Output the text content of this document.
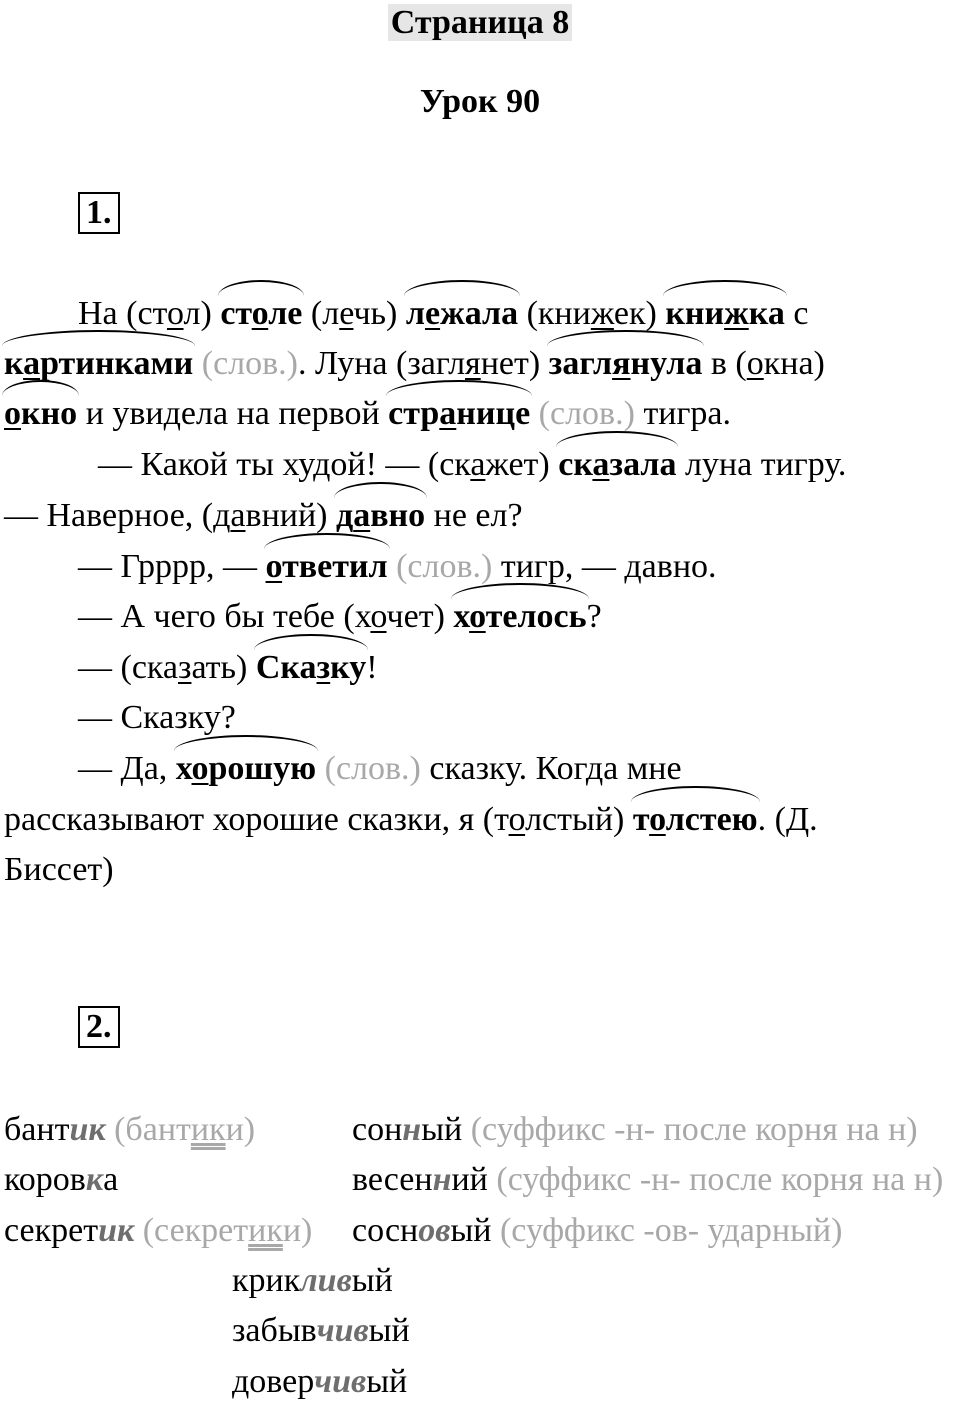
Страница 8
Урок 90
1.
На (стол) столе (лечь) лежала (книжек) книжка с
картинками (слов.). Луна (заглянет) заглянула в (окна)
окно и увидела на первой странице (слов.) тигра.
— Какой ты худой! — (скажет) сказала луна тигру.
— Наверное, (давний) давно не ел?
— Грррр, — ответил (слов.) тигр, — давно.
— А чего бы тебе (хочет) хотелось?
— (сказать) Сказку!
— Сказку?
— Да, хорошую (слов.) сказку. Когда мне
рассказывают хорошие сказки, я (толстый) толстею. (Д.
Биссет)
2.
бантик (бантики)
коровка
секретик (секретики)
сонный (суффикс -н- после корня на н)
весенний (суффикс -н- после корня на н)
сосновый (суффикс -ов- ударный)
крикливый
забывчивый
доверчивый
